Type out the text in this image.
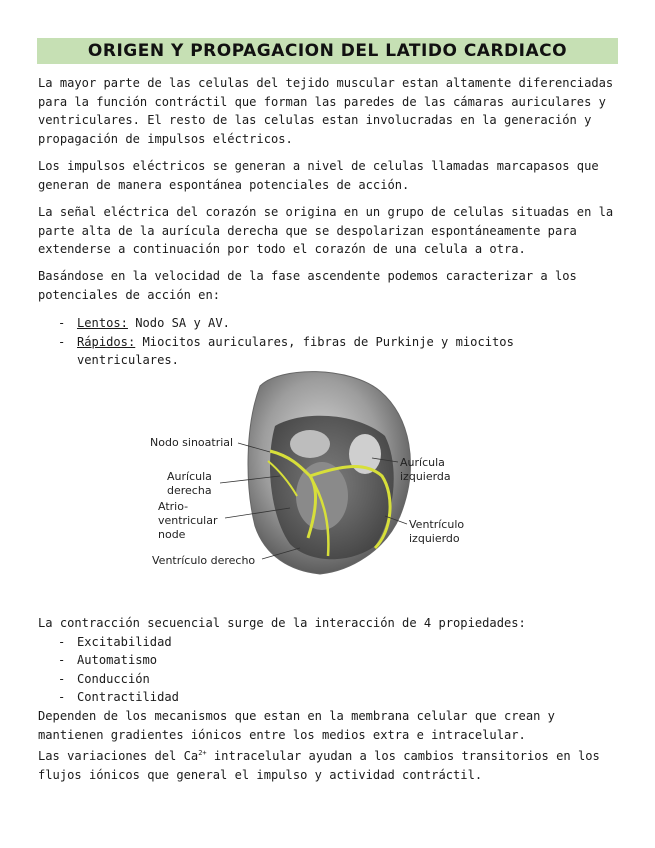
ORIGEN Y PROPAGACION DEL LATIDO CARDIACO

La mayor parte de las celulas del tejido muscular estan altamente diferenciadas para la función contráctil que forman las paredes de las cámaras auriculares y ventriculares. El resto de las celulas estan involucradas en la generación y propagación de impulsos eléctricos.

Los impulsos eléctricos se generan a nivel de celulas llamadas marcapasos que generan de manera espontánea potenciales de acción.

La señal eléctrica del corazón se origina en un grupo de celulas situadas en la parte alta de la aurícula derecha que se despolarizan espontáneamente para extenderse a continuación por todo el corazón de una celula a otra.

Basándose en la velocidad de la fase ascendente podemos caracterizar a los potenciales de acción en:

- Lentos: Nodo SA y AV.
- Rápidos: Miocitos auriculares, fibras de Purkinje y miocitos ventriculares.
Nodo sinoatrial
Aurícula
derecha
Atrio-
ventricular
node
Ventrículo derecho
Aurícula
izquierda
Ventrículo
izquierdo

La contracción secuencial surge de la interacción de 4 propiedades:

- Excitabilidad
- Automatismo
- Conducción
- Contractilidad

Dependen de los mecanismos que estan en la membrana celular que crean y mantienen gradientes iónicos entre los medios extra e intracelular.

Las variaciones del $Ca^{2+}$ intracelular ayudan a los cambios transitorios en los flujos iónicos que general el impulso y actividad contráctil.
